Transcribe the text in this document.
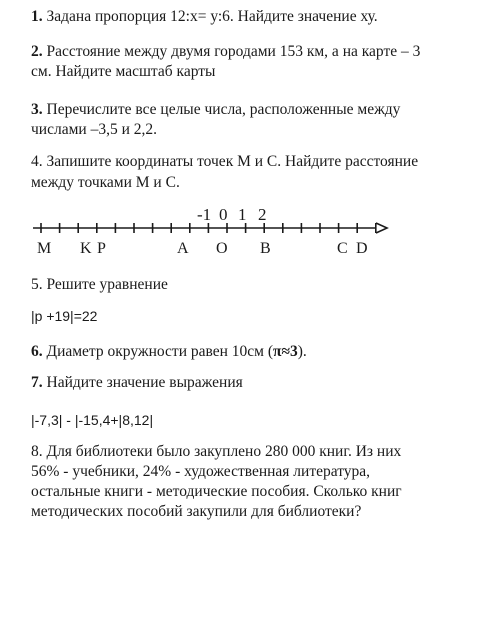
1. Задана пропорция 12:х= у:6. Найдите значение ху.
2. Расстояние между двумя городами 153 км, а на карте – 3
см. Найдите масштаб карты
3. Перечислите все целые числа, расположенные между
числами –3,5 и 2,2.
4. Запишите координаты точек М и С. Найдите расстояние
между точками М и С.
-1 0 1 2
M K P	A O B	C D
5. Решите уравнение
|p +19|=22
6. Диаметр окружности равен 10см (π≈3).
7. Найдите значение выражения
|-7,3| - |-15,4+|8,12|
8. Для библиотеки было закуплено 280 000 книг. Из них
56% - учебники, 24% - художественная литература,
остальные книги - методические пособия. Сколько книг
методических пособий закупили для библиотеки?
